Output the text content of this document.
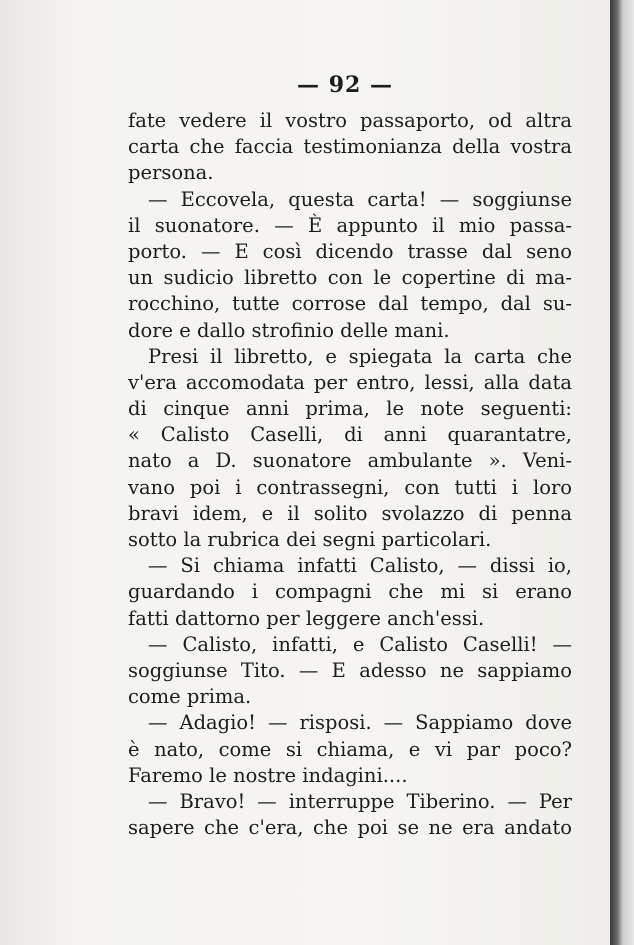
— 92 —
fate vedere il vostro passaporto, od altra
carta che faccia testimonianza della vostra
persona.
— Eccovela, questa carta! — soggiunse
il suonatore. — È appunto il mio passa-
porto. — E così dicendo trasse dal seno
un sudicio libretto con le copertine di ma-
rocchino, tutte corrose dal tempo, dal su-
dore e dallo strofinio delle mani.
Presi il libretto, e spiegata la carta che
v'era accomodata per entro, lessi, alla data
di cinque anni prima, le note seguenti:
« Calisto Caselli, di anni quarantatre,
nato a D. suonatore ambulante ». Veni-
vano poi i contrassegni, con tutti i loro
bravi idem, e il solito svolazzo di penna
sotto la rubrica dei segni particolari.
— Si chiama infatti Calisto, — dissi io,
guardando i compagni che mi si erano
fatti dattorno per leggere anch'essi.
— Calisto, infatti, e Calisto Caselli! —
soggiunse Tito. — E adesso ne sappiamo
come prima.
— Adagio! — risposi. — Sappiamo dove
è nato, come si chiama, e vi par poco?
Faremo le nostre indagini....
— Bravo! — interruppe Tiberino. — Per
sapere che c'era, che poi se ne era andato
